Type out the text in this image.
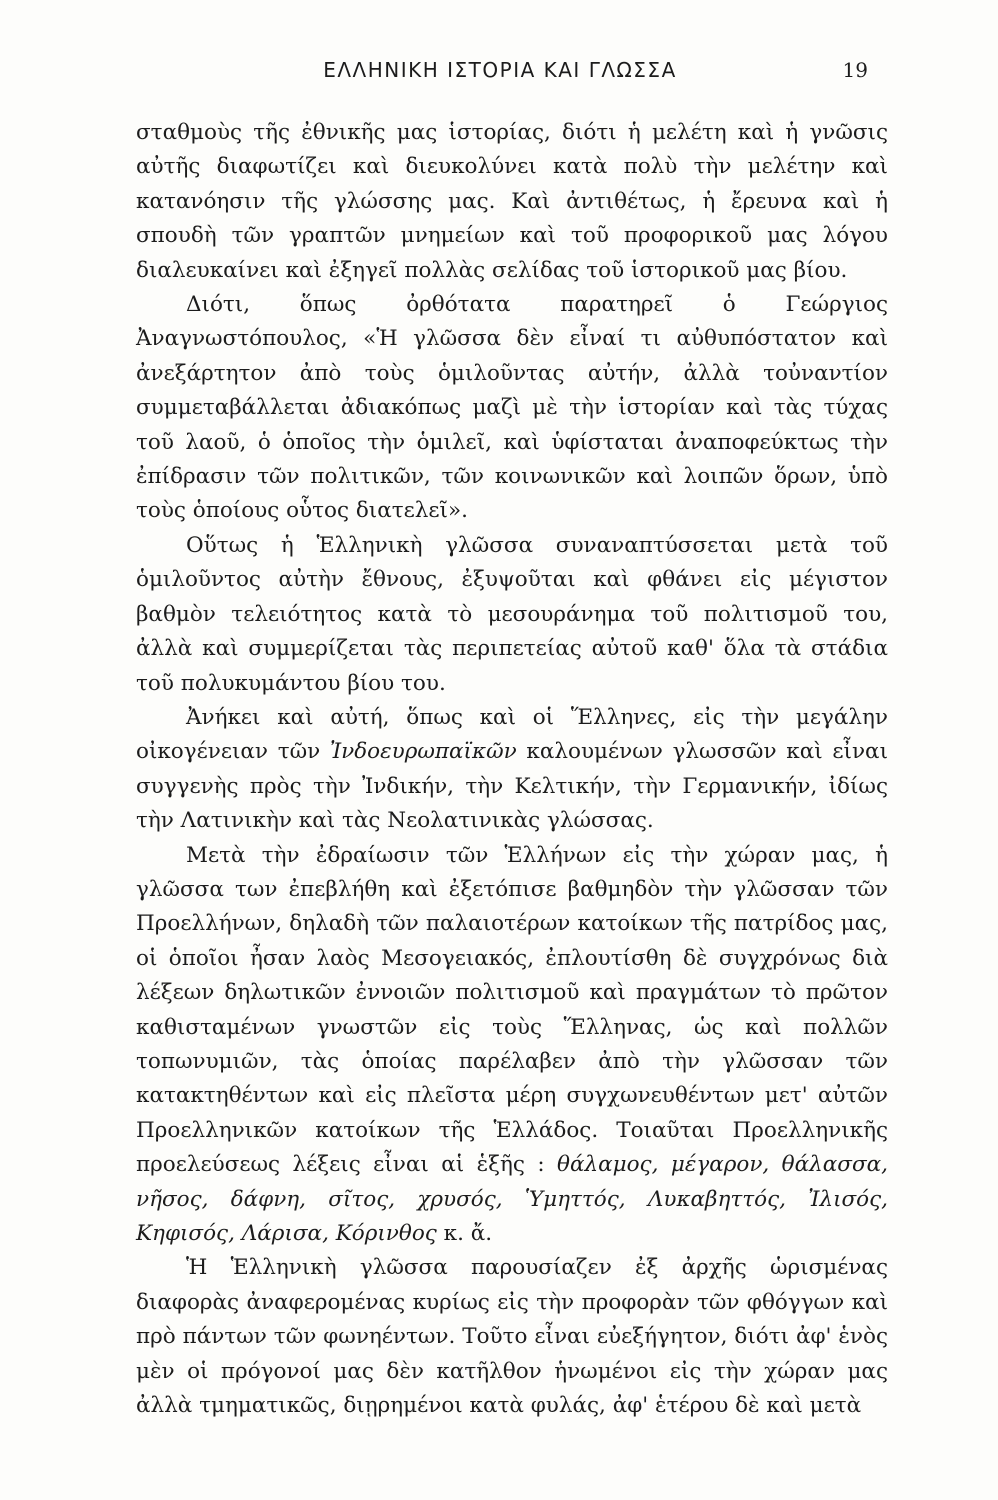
ΕΛΛΗΝΙΚΗ ΙΣΤΟΡΙΑ ΚΑΙ ΓΛΩΣΣΑ	19

σταθμοὺς τῆς ἐθνικῆς μας ἱστορίας, διότι ἡ μελέτη καὶ ἡ γνῶσις αὐτῆς διαφωτίζει καὶ διευκολύνει κατὰ πολὺ τὴν μελέτην καὶ κατανόησιν τῆς γλώσσης μας. Καὶ ἀντιθέτως, ἡ ἔρευνα καὶ ἡ σπουδὴ τῶν γραπτῶν μνημείων καὶ τοῦ προφορικοῦ μας λόγου διαλευκαίνει καὶ ἐξηγεῖ πολλὰς σελίδας τοῦ ἱστορικοῦ μας βίου.

Διότι, ὅπως ὀρθότατα παρατηρεῖ ὁ Γεώργιος Ἀναγνωστόπουλος, «Ἡ γλῶσσα δὲν εἶναί τι αὐθυπόστατον καὶ ἀνεξάρτητον ἀπὸ τοὺς ὁμιλοῦντας αὐτήν, ἀλλὰ τοὐναντίον συμμεταβάλλεται ἀδιακόπως μαζὶ μὲ τὴν ἱστορίαν καὶ τὰς τύχας τοῦ λαοῦ, ὁ ὁποῖος τὴν ὁμιλεῖ, καὶ ὑφίσταται ἀναποφεύκτως τὴν ἐπίδρασιν τῶν πολιτικῶν, τῶν κοινωνικῶν καὶ λοιπῶν ὅρων, ὑπὸ τοὺς ὁποίους οὗτος διατελεῖ».

Οὕτως ἡ Ἑλληνικὴ γλῶσσα συναναπτύσσεται μετὰ τοῦ ὁμιλοῦντος αὐτὴν ἔθνους, ἐξυψοῦται καὶ φθάνει εἰς μέγιστον βαθμὸν τελειότητος κατὰ τὸ μεσουράνημα τοῦ πολιτισμοῦ του, ἀλλὰ καὶ συμμερίζεται τὰς περιπετείας αὐτοῦ καθ' ὅλα τὰ στάδια τοῦ πολυκυμάντου βίου του.

Ἀνήκει καὶ αὐτή, ὅπως καὶ οἱ Ἕλληνες, εἰς τὴν μεγάλην οἰκογένειαν τῶν Ἰνδοευρωπαϊκῶν καλουμένων γλωσσῶν καὶ εἶναι συγγενὴς πρὸς τὴν Ἰνδικήν, τὴν Κελτικήν, τὴν Γερμανικήν, ἰδίως τὴν Λατινικὴν καὶ τὰς Νεολατινικὰς γλώσσας.

Μετὰ τὴν ἐδραίωσιν τῶν Ἑλλήνων εἰς τὴν χώραν μας, ἡ γλῶσσα των ἐπεβλήθη καὶ ἐξετόπισε βαθμηδὸν τὴν γλῶσσαν τῶν Προελλήνων, δηλαδὴ τῶν παλαιοτέρων κατοίκων τῆς πατρίδος μας, οἱ ὁποῖοι ἦσαν λαὸς Μεσογειακός, ἐπλουτίσθη δὲ συγχρόνως διὰ λέξεων δηλωτικῶν ἐννοιῶν πολιτισμοῦ καὶ πραγμάτων τὸ πρῶτον καθισταμένων γνωστῶν εἰς τοὺς Ἕλληνας, ὡς καὶ πολλῶν τοπωνυμιῶν, τὰς ὁποίας παρέλαβεν ἀπὸ τὴν γλῶσσαν τῶν κατακτηθέντων καὶ εἰς πλεῖστα μέρη συγχωνευθέντων μετ' αὐτῶν Προελληνικῶν κατοίκων τῆς Ἑλλάδος. Τοιαῦται Προελληνικῆς προελεύσεως λέξεις εἶναι αἱ ἑξῆς : θάλαμος, μέγαρον, θάλασσα, νῆσος, δάφνη, σῖτος, χρυσός, Ὑμηττός, Λυκαβηττός, Ἰλισός, Κηφισός, Λάρισα, Κόρινθος κ. ἄ.

Ἡ Ἑλληνικὴ γλῶσσα παρουσίαζεν ἐξ ἀρχῆς ὡρισμένας διαφορὰς ἀναφερομένας κυρίως εἰς τὴν προφορὰν τῶν φθόγγων καὶ πρὸ πάντων τῶν φωνηέντων. Τοῦτο εἶναι εὐεξήγητον, διότι ἀφ' ἑνὸς μὲν οἱ πρόγονοί μας δὲν κατῆλθον ἡνωμένοι εἰς τὴν χώραν μας ἀλλὰ τμηματικῶς, διῃρημένοι κατὰ φυλάς, ἀφ' ἑτέρου δὲ καὶ μετὰ
